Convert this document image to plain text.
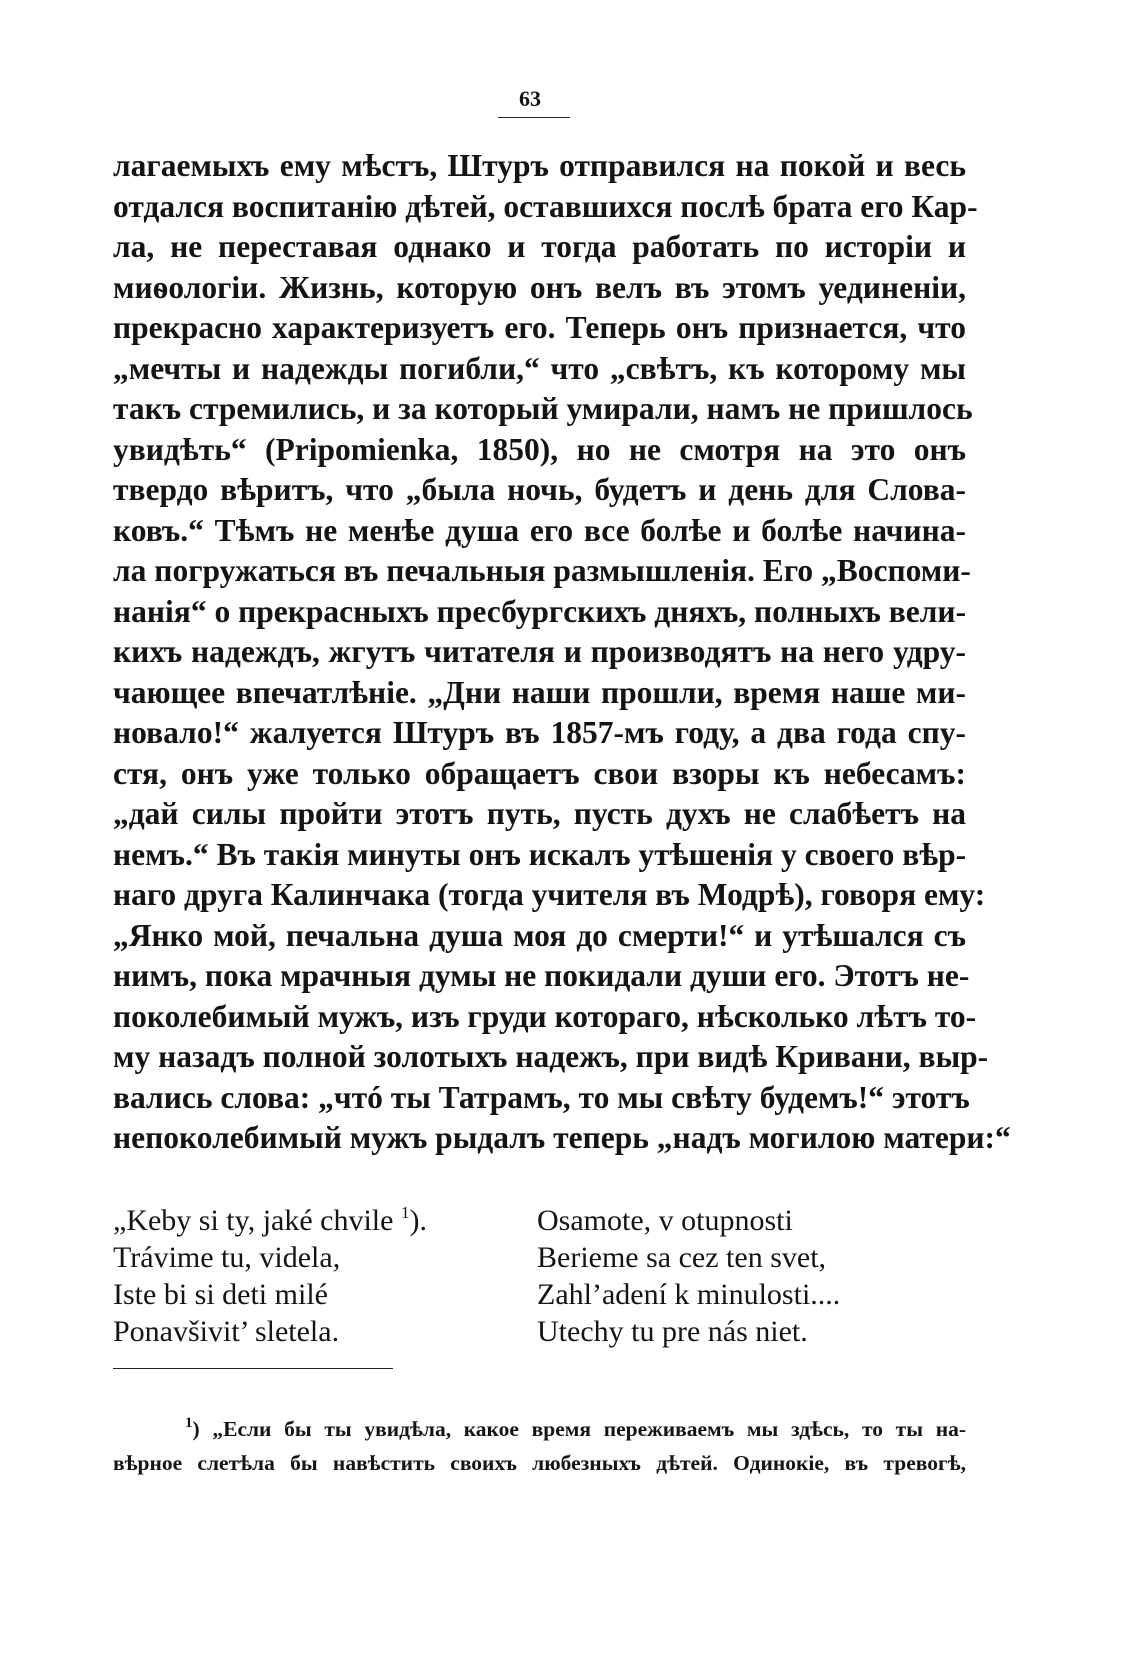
63
лагаемыхъ ему мѣстъ, Штуръ отправился на покой и весь
отдался воспитанію дѣтей, оставшихся послѣ брата его Кар-
ла, не переставая однако и тогда работать по исторіи и
миѳологіи. Жизнь, которую онъ велъ въ этомъ уединеніи,
прекрасно характеризуетъ его. Теперь онъ признается, что
„мечты и надежды погибли,“ что „свѣтъ, къ которому мы
такъ стремились, и за который умирали, намъ не пришлось
увидѣть“ (Pripomienka, 1850), но не смотря на это онъ
твердо вѣритъ, что „была ночь, будетъ и день для Слова-
ковъ.“ Тѣмъ не менѣе душа его все болѣе и болѣе начина-
ла погружаться въ печальныя размышленія. Его „Воспоми-
нанія“ о прекрасныхъ пресбургскихъ дняхъ, полныхъ вели-
кихъ надеждъ, жгутъ читателя и производятъ на него удру-
чающее впечатлѣніе. „Дни наши прошли, время наше ми-
новало!“ жалуется Штуръ въ 1857-мъ году, а два года спу-
стя, онъ уже только обращаетъ свои взоры къ небесамъ:
„дай силы пройти этотъ путь, пусть духъ не слабѣетъ на
немъ.“ Въ такія минуты онъ искалъ утѣшенія у своего вѣр-
наго друга Калинчака (тогда учителя въ Модрѣ), говоря ему:
„Янко мой, печальна душа моя до смерти!“ и утѣшался съ
нимъ, пока мрачныя думы не покидали души его. Этотъ не-
поколебимый мужъ, изъ груди котораго, нѣсколько лѣтъ то-
му назадъ полной золотыхъ надежъ, при видѣ Кривани, выр-
вались слова: „чтó ты Татрамъ, то мы свѣту будемъ!“ этотъ
непоколебимый мужъ рыдалъ теперь „надъ могилою матери:“
„Keby si ty, jaké chvile $^1$).
Trávime tu, videla,
Iste bi si deti milé
Ponavšivit’ sletela.
Osamote, v otupnosti
Berieme sa cez ten svet,
Zahl’adení k minulosti....
Utechy tu pre nás niet.
$^1$) „Если бы ты увидѣла, какое время переживаемъ мы здѣсь, то ты на-
вѣрное слетѣла бы навѣстить своихъ любезныхъ дѣтей. Одинокіе, въ тревогѣ,
